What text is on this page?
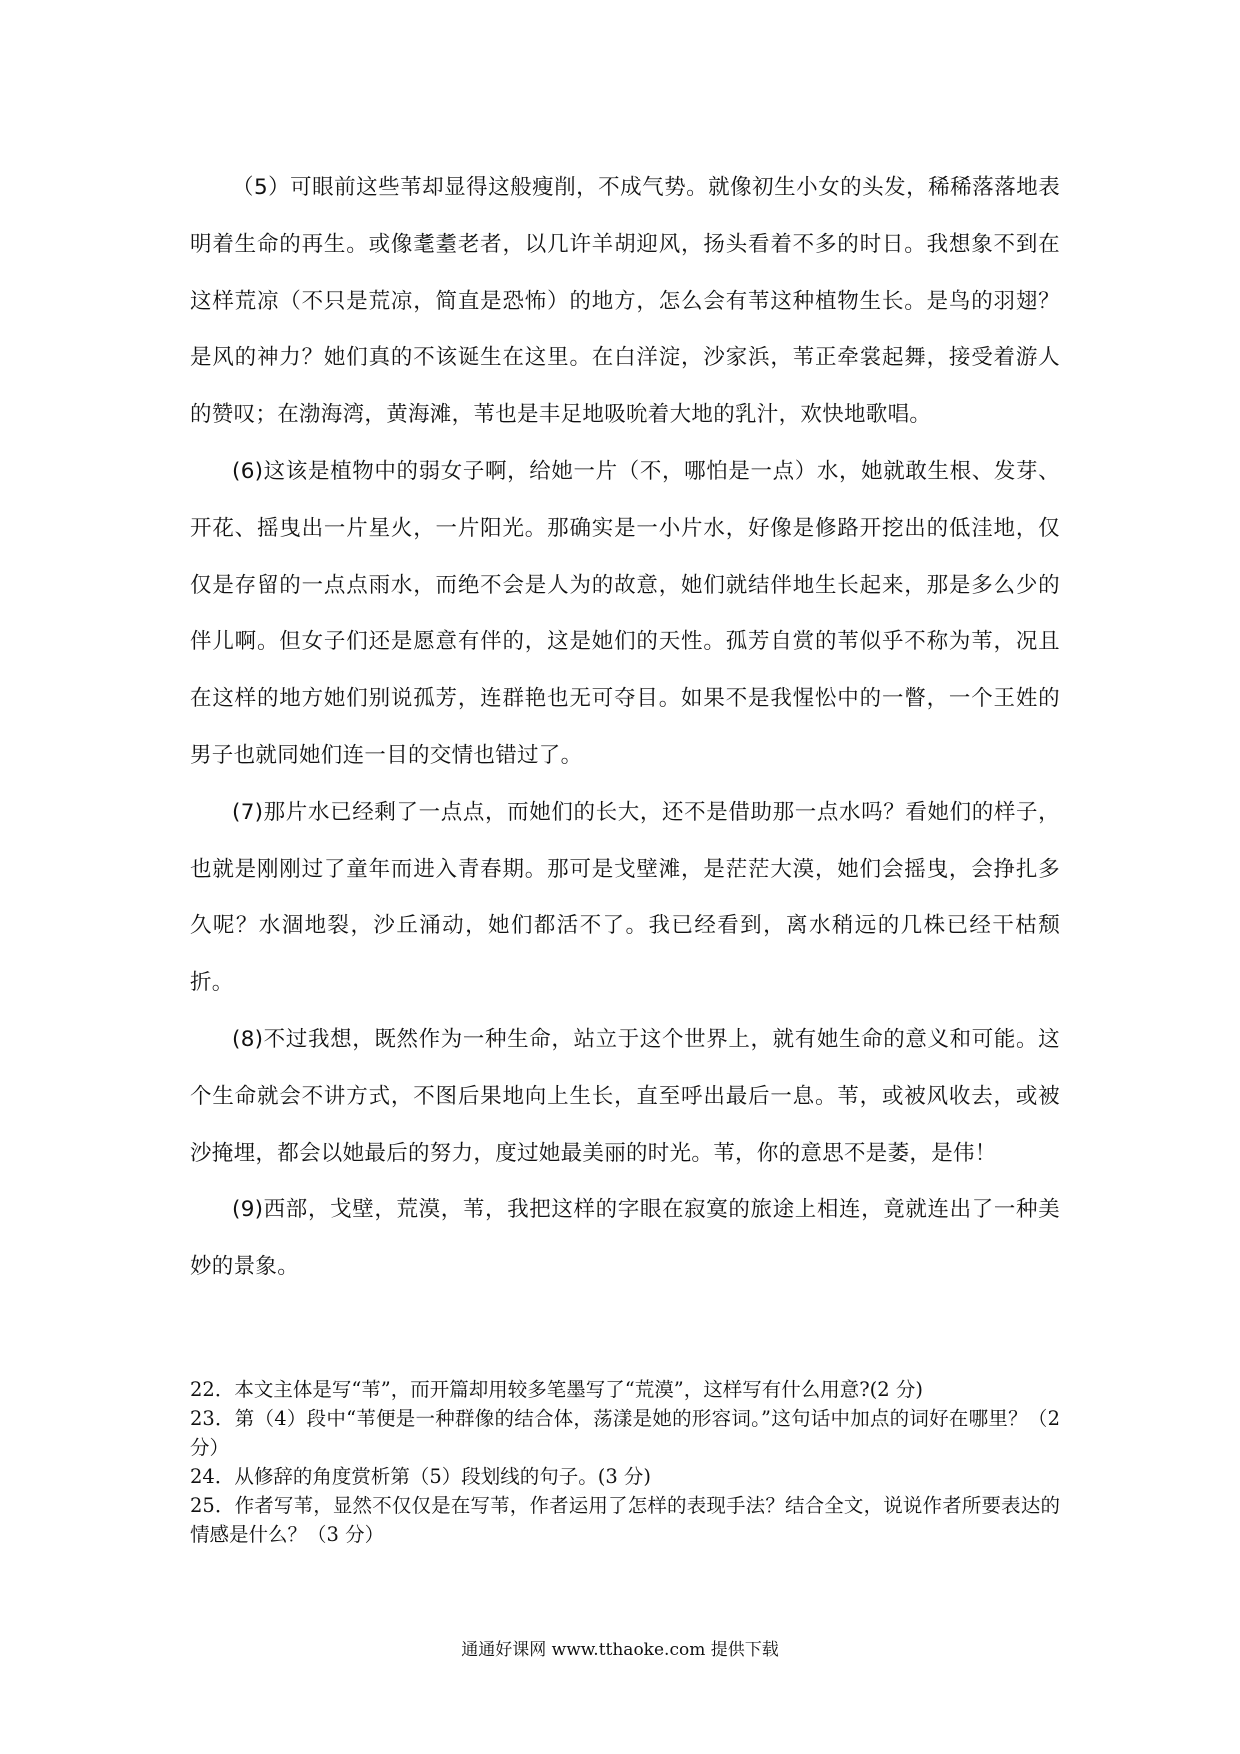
（5）可眼前这些苇却显得这般瘦削，不成气势。就像初生小女的头发，稀稀落落地表明着生命的再生。或像耄耋老者，以几许羊胡迎风，扬头看着不多的时日。我想象不到在这样荒凉（不只是荒凉，简直是恐怖）的地方，怎么会有苇这种植物生长。是鸟的羽翅？是风的神力？她们真的不该诞生在这里。在白洋淀，沙家浜，苇正牵裳起舞，接受着游人的赞叹；在渤海湾，黄海滩，苇也是丰足地吸吮着大地的乳汁，欢快地歌唱。

(6)这该是植物中的弱女子啊，给她一片（不，哪怕是一点）水，她就敢生根、发芽、开花、摇曳出一片星火，一片阳光。那确实是一小片水，好像是修路开挖出的低洼地，仅仅是存留的一点点雨水，而绝不会是人为的故意，她们就结伴地生长起来，那是多么少的伴儿啊。但女子们还是愿意有伴的，这是她们的天性。孤芳自赏的苇似乎不称为苇，况且在这样的地方她们别说孤芳，连群艳也无可夺目。如果不是我惺忪中的一瞥，一个王姓的男子也就同她们连一目的交情也错过了。

(7)那片水已经剩了一点点，而她们的长大，还不是借助那一点水吗？看她们的样子，也就是刚刚过了童年而进入青春期。那可是戈壁滩，是茫茫大漠，她们会摇曳，会挣扎多久呢？水涸地裂，沙丘涌动，她们都活不了。我已经看到，离水稍远的几株已经干枯颓折。

(8)不过我想，既然作为一种生命，站立于这个世界上，就有她生命的意义和可能。这个生命就会不讲方式，不图后果地向上生长，直至呼出最后一息。苇，或被风收去，或被沙掩埋，都会以她最后的努力，度过她最美丽的时光。苇，你的意思不是萎，是伟！

(9)西部，戈壁，荒漠，苇，我把这样的字眼在寂寞的旅途上相连，竟就连出了一种美妙的景象。

22．本文主体是写“苇”，而开篇却用较多笔墨写了“荒漠”，这样写有什么用意?(2 分)

23．第（4）段中“苇便是一种群像的结合体，荡漾是她的形容词。”这句话中加点的词好在哪里？（2 分）

24．从修辞的角度赏析第（5）段划线的句子。(3 分)

25．作者写苇，显然不仅仅是在写苇，作者运用了怎样的表现手法？结合全文，说说作者所要表达的情感是什么？（3 分）

通通好课网 www.tthaoke.com 提供下载
